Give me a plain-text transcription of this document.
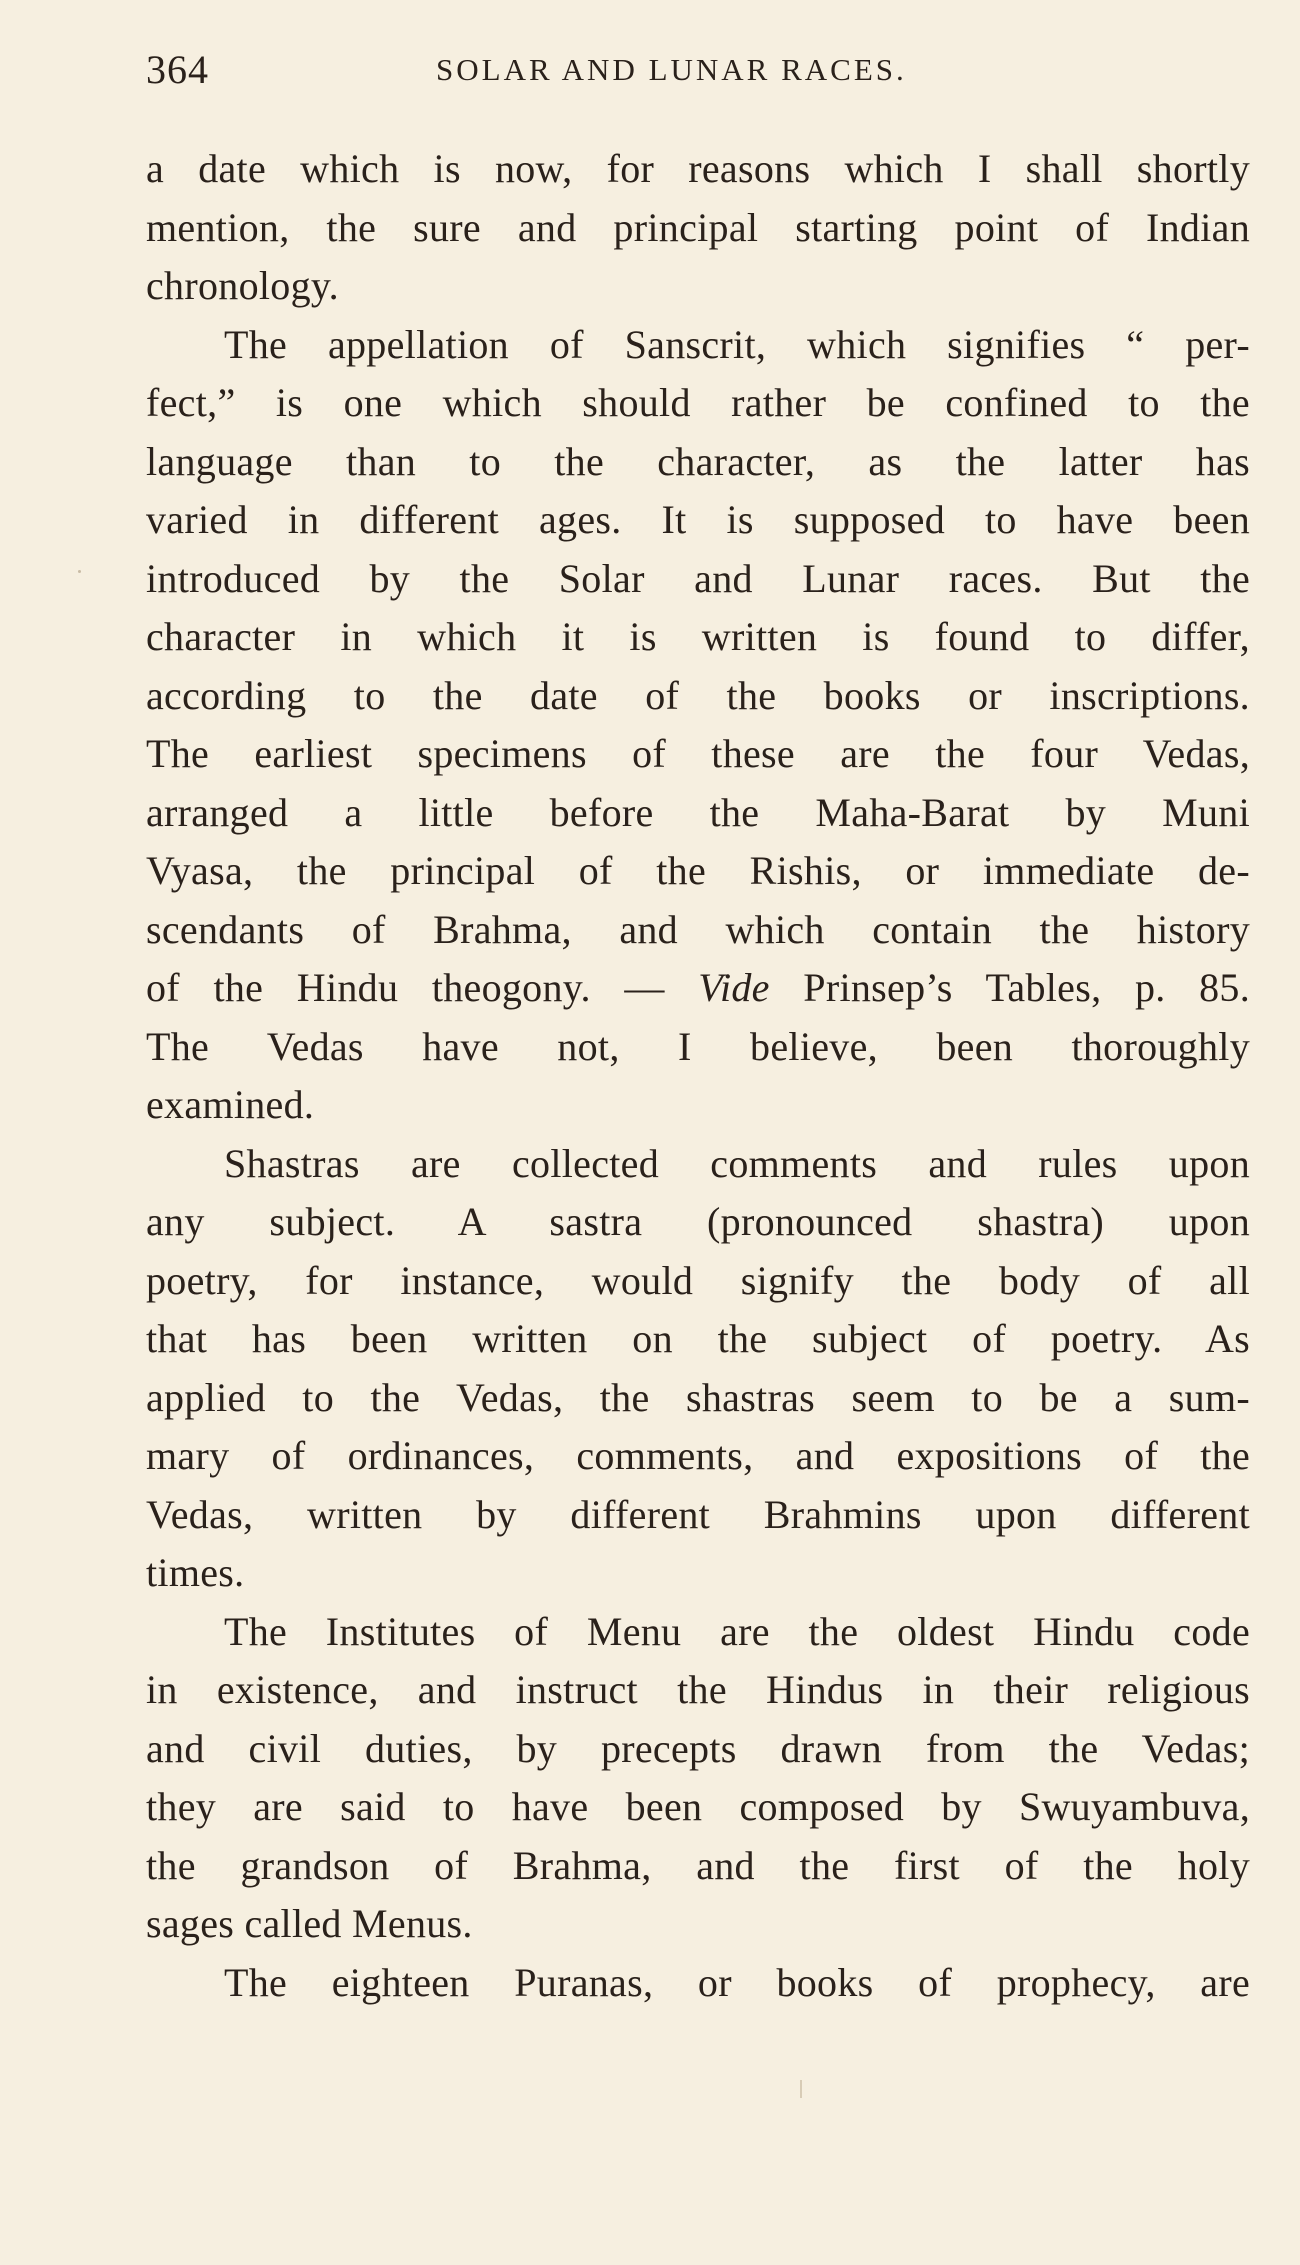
364	SOLAR AND LUNAR RACES.

a date which is now, for reasons which I shall shortly
mention, the sure and principal starting point of Indian
chronology.

The appellation of Sanscrit, which signifies “ per-
fect,” is one which should rather be confined to the
language than to the character, as the latter has
varied in different ages. It is supposed to have been
introduced by the Solar and Lunar races. But the
character in which it is written is found to differ,
according to the date of the books or inscriptions.
The earliest specimens of these are the four Vedas,
arranged a little before the Maha-Barat by Muni
Vyasa, the principal of the Rishis, or immediate de-
scendants of Brahma, and which contain the history
of the Hindu theogony. — Vide Prinsep’s Tables, p. 85.
The Vedas have not, I believe, been thoroughly
examined.

Shastras are collected comments and rules upon
any subject. A sastra (pronounced shastra) upon
poetry, for instance, would signify the body of all
that has been written on the subject of poetry. As
applied to the Vedas, the shastras seem to be a sum-
mary of ordinances, comments, and expositions of the
Vedas, written by different Brahmins upon different
times.

The Institutes of Menu are the oldest Hindu code
in existence, and instruct the Hindus in their religious
and civil duties, by precepts drawn from the Vedas;
they are said to have been composed by Swuyambuva,
the grandson of Brahma, and the first of the holy
sages called Menus.

The eighteen Puranas, or books of prophecy, are
